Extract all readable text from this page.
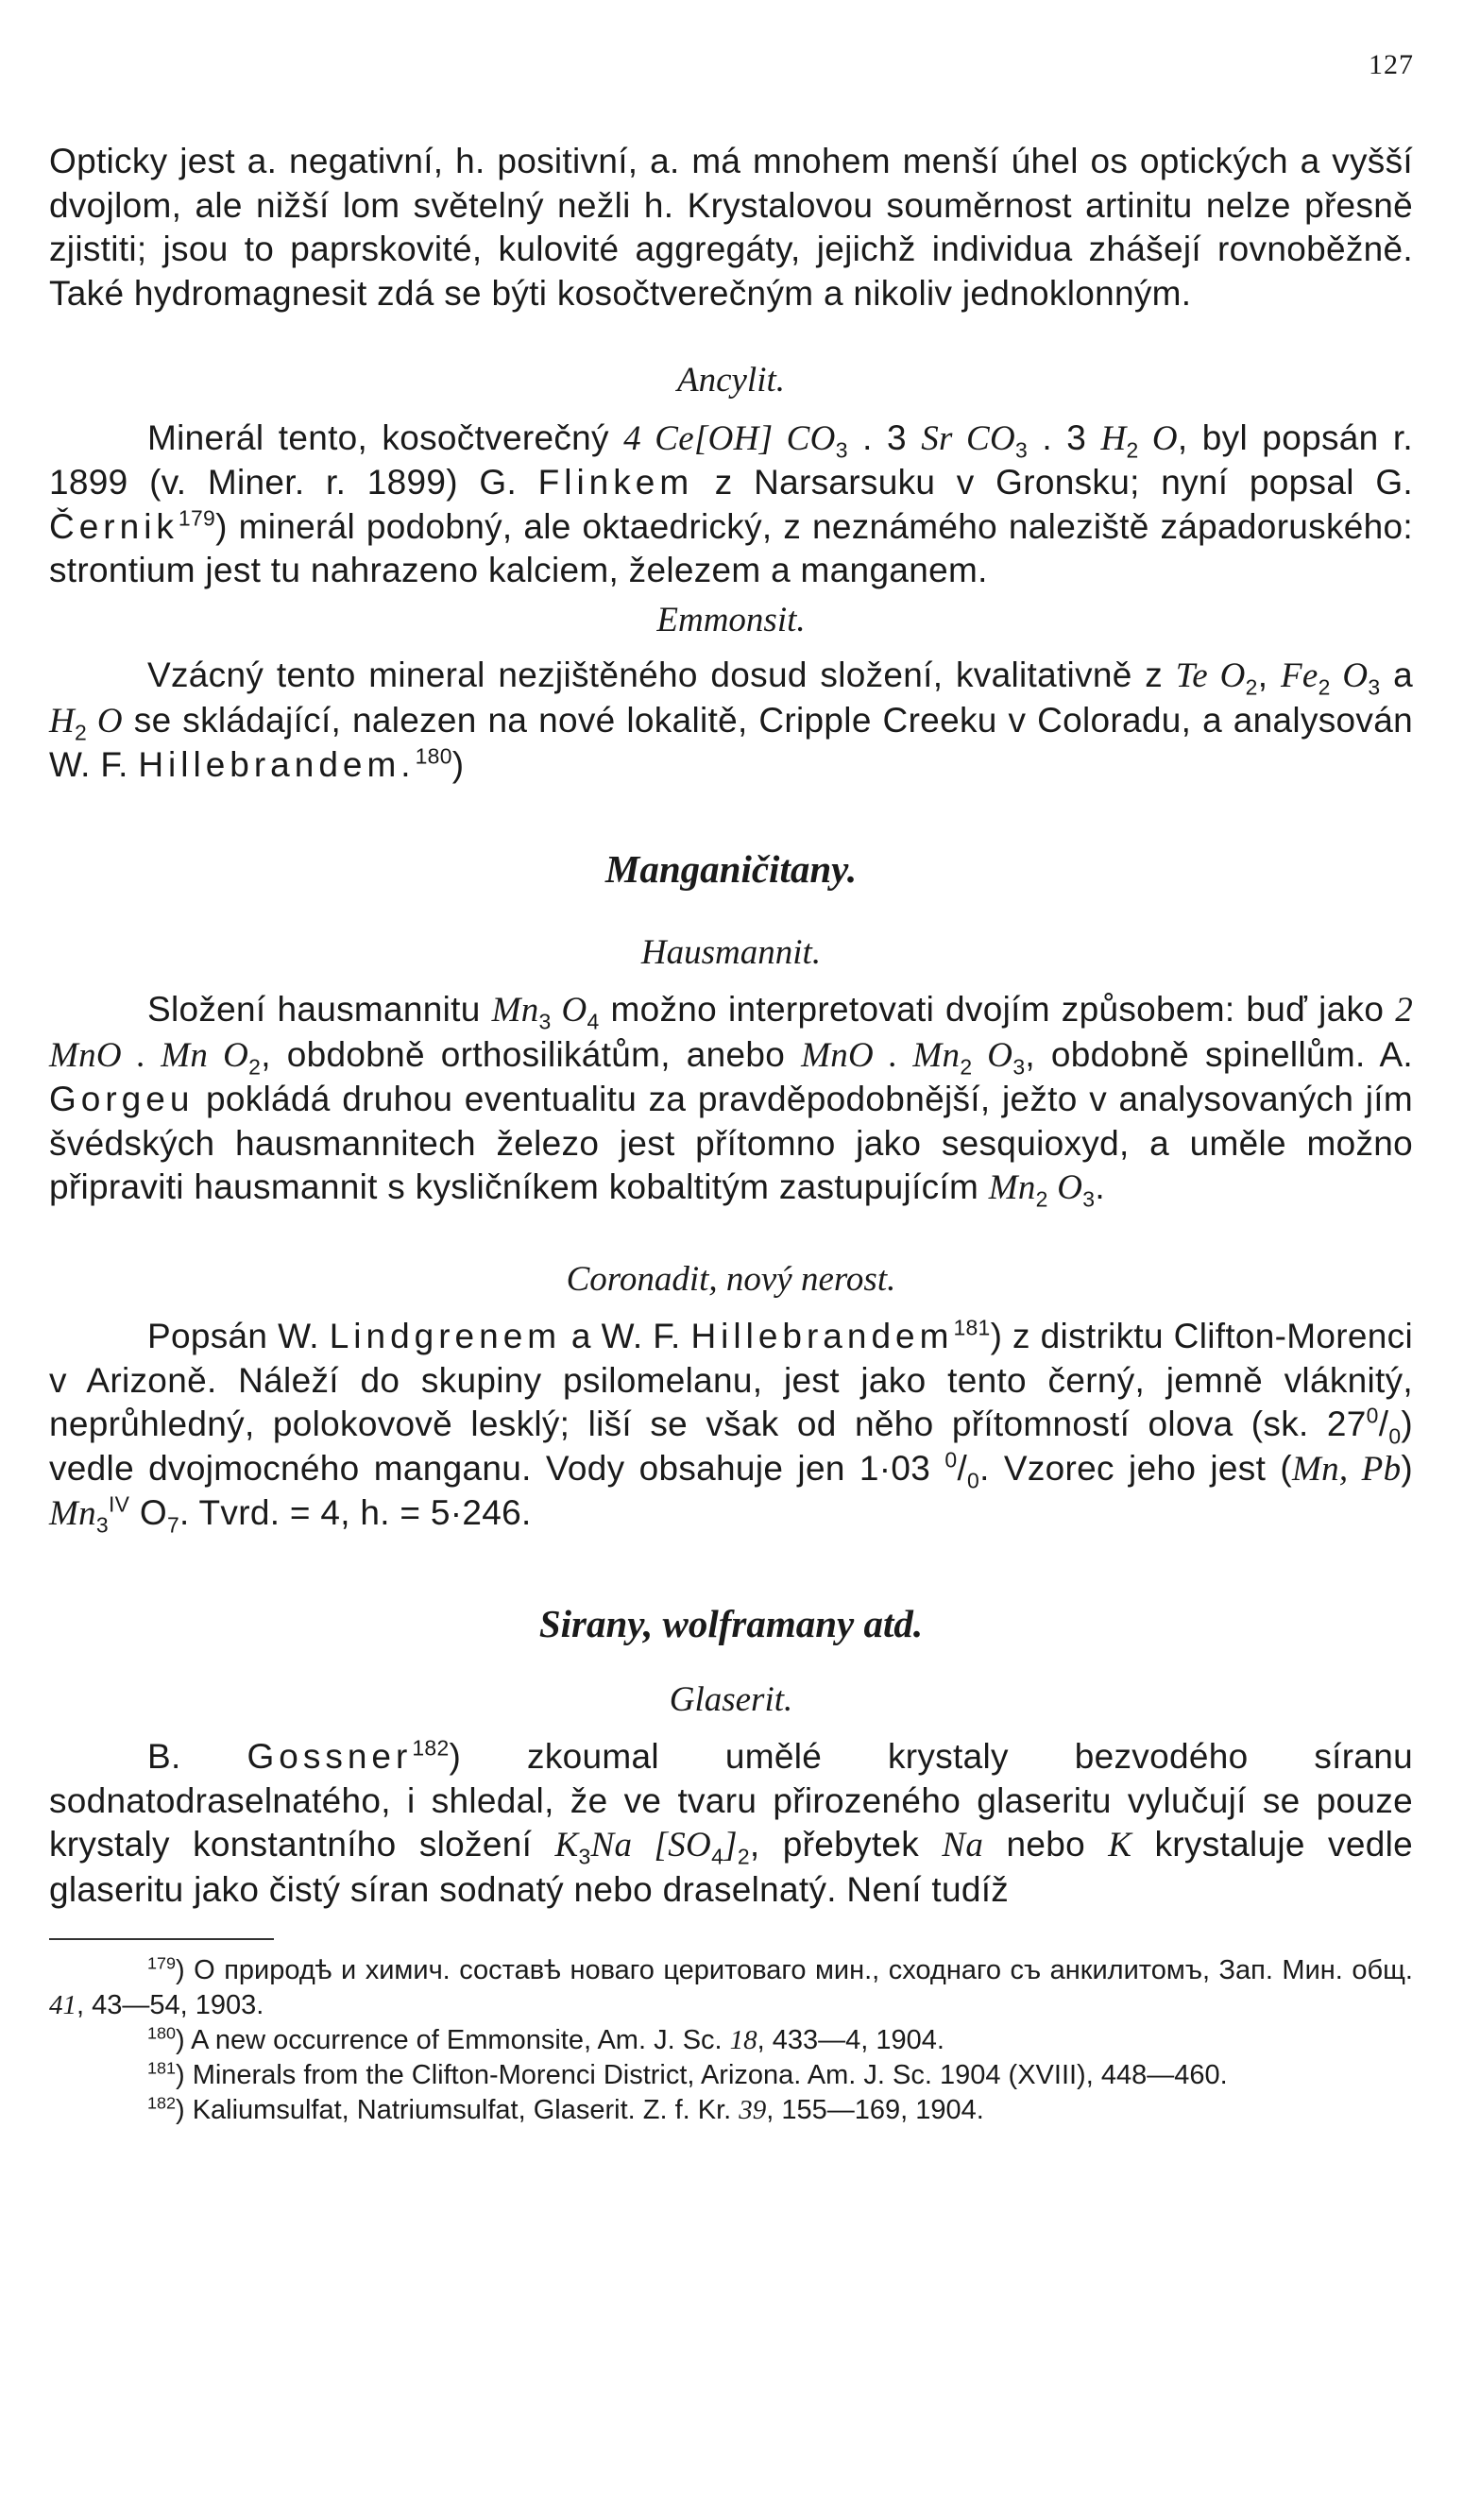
127

Opticky jest a. negativní, h. positivní, a. má mnohem menší úhel os optických a vyšší dvojlom, ale nižší lom světelný nežli h. Krystalovou souměrnost artinitu nelze přesně zjistiti; jsou to paprskovité, kulovité aggregáty, jejichž individua zhášejí rovnoběžně. Také hydromagnesit zdá se býti kosočtverečným a nikoliv jednoklonným.

Ancylit.

Minerál tento, kosočtverečný 4 Ce[OH] $CO_3$ . 3 Sr $CO_3$ . 3 $H_2$ O, byl popsán r. 1899 (v. Miner. r. 1899) G. Flinkem z Narsarsuku v Gronsku; nyní popsal G. Černik$^{179}$) minerál podobný, ale oktaedrický, z neznámého naleziště západoruského: strontium jest tu nahrazeno kalciem, železem a manganem.

Emmonsit.

Vzácný tento mineral nezjištěného dosud složení, kvalitativně z Te $O_2$, $Fe_2$ $O_3$ a $H_2$ O se skládající, nalezen na nové lokalitě, Cripple Creeku v Coloradu, a analysován W. F. Hillebrandem.$^{180}$)

Manganičitany.
Hausmannit.

Složení hausmannitu $Mn_3$ $O_4$ možno interpretovati dvojím způsobem: buď jako 2 MnO . Mn $O_2$, obdobně orthosilikátům, anebo MnO . $Mn_2$ $O_3$, obdobně spinellům. A. Gorgeu pokládá druhou eventualitu za pravděpodobnější, ježto v analysovaných jím švédských hausmannitech železo jest přítomno jako sesquioxyd, a uměle možno připraviti hausmannit s kysličníkem kobaltitým zastupujícím $Mn_2$ $O_3$.

Coronadit, nový nerost.

Popsán W. Lindgrenem a W. F. Hillebrandem$^{181}$) z distriktu Clifton-Morenci v Arizoně. Náleží do skupiny psilomelanu, jest jako tento černý, jemně vláknitý, neprůhledný, polokovově lesklý; liší se však od něho přítomností olova (sk. $27^0/_0$) vedle dvojmocného manganu. Vody obsahuje jen 1·03 $^0/_0$. Vzorec jeho jest (Mn, Pb) $Mn_3^{IV}$ $O_7$. Tvrd. = 4, h. = 5·246.

Sirany, wolframany atd.
Glaserit.

B. Gossner$^{182}$) zkoumal umělé krystaly bezvodého síranu sodnatodraselnatého, i shledal, že ve tvaru přirozeného glaseritu vylučují se pouze krystaly konstantního složení $K_3Na$ $[SO_4]_2$, přebytek Na nebo K krystaluje vedle glaseritu jako čistý síran sodnatý nebo draselnatý. Není tudíž

$^{179}$) О природѣ и химич. составѣ новаго церитоваго мин., сходнаго съ анкилитомъ, Зап. Мин. общ. 41, 43—54, 1903.

$^{180}$) A new occurrence of Emmonsite, Am. J. Sc. 18, 433—4, 1904.

$^{181}$) Minerals from the Clifton-Morenci District, Arizona. Am. J. Sc. 1904 (XVIII), 448—460.

$^{182}$) Kaliumsulfat, Natriumsulfat, Glaserit. Z. f. Kr. 39, 155—169, 1904.
